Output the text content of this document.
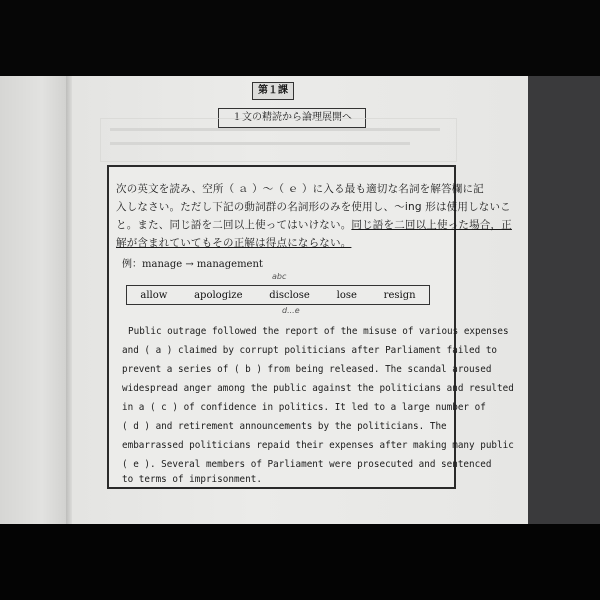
第１課
１文の精読から論理展開へ
次の英文を読み、空所（ ａ ）～（ ｅ ）に入る最も適切な名詞を解答欄に記
入しなさい。ただし下記の動詞群の名詞形のみを使用し、～ing 形は使用しないこ
と。また、同じ語を二回以上使ってはいけない。同じ語を二回以上使った場合，正
解が含まれていてもその正解は得点にならない。
例：manage → management
abc
d...e
allow	apologize	disclose	lose	resign
Public outrage followed the report of the misuse of various expenses
and ( a ) claimed by corrupt politicians after Parliament failed to
prevent a series of ( b ) from being released. The scandal aroused
widespread anger among the public against the politicians and resulted
in a ( c ) of confidence in politics. It led to a large number of
( d ) and retirement announcements by the politicians. The
embarrassed politicians repaid their expenses after making many public
( e ). Several members of Parliament were prosecuted and sentenced
to terms of imprisonment.
